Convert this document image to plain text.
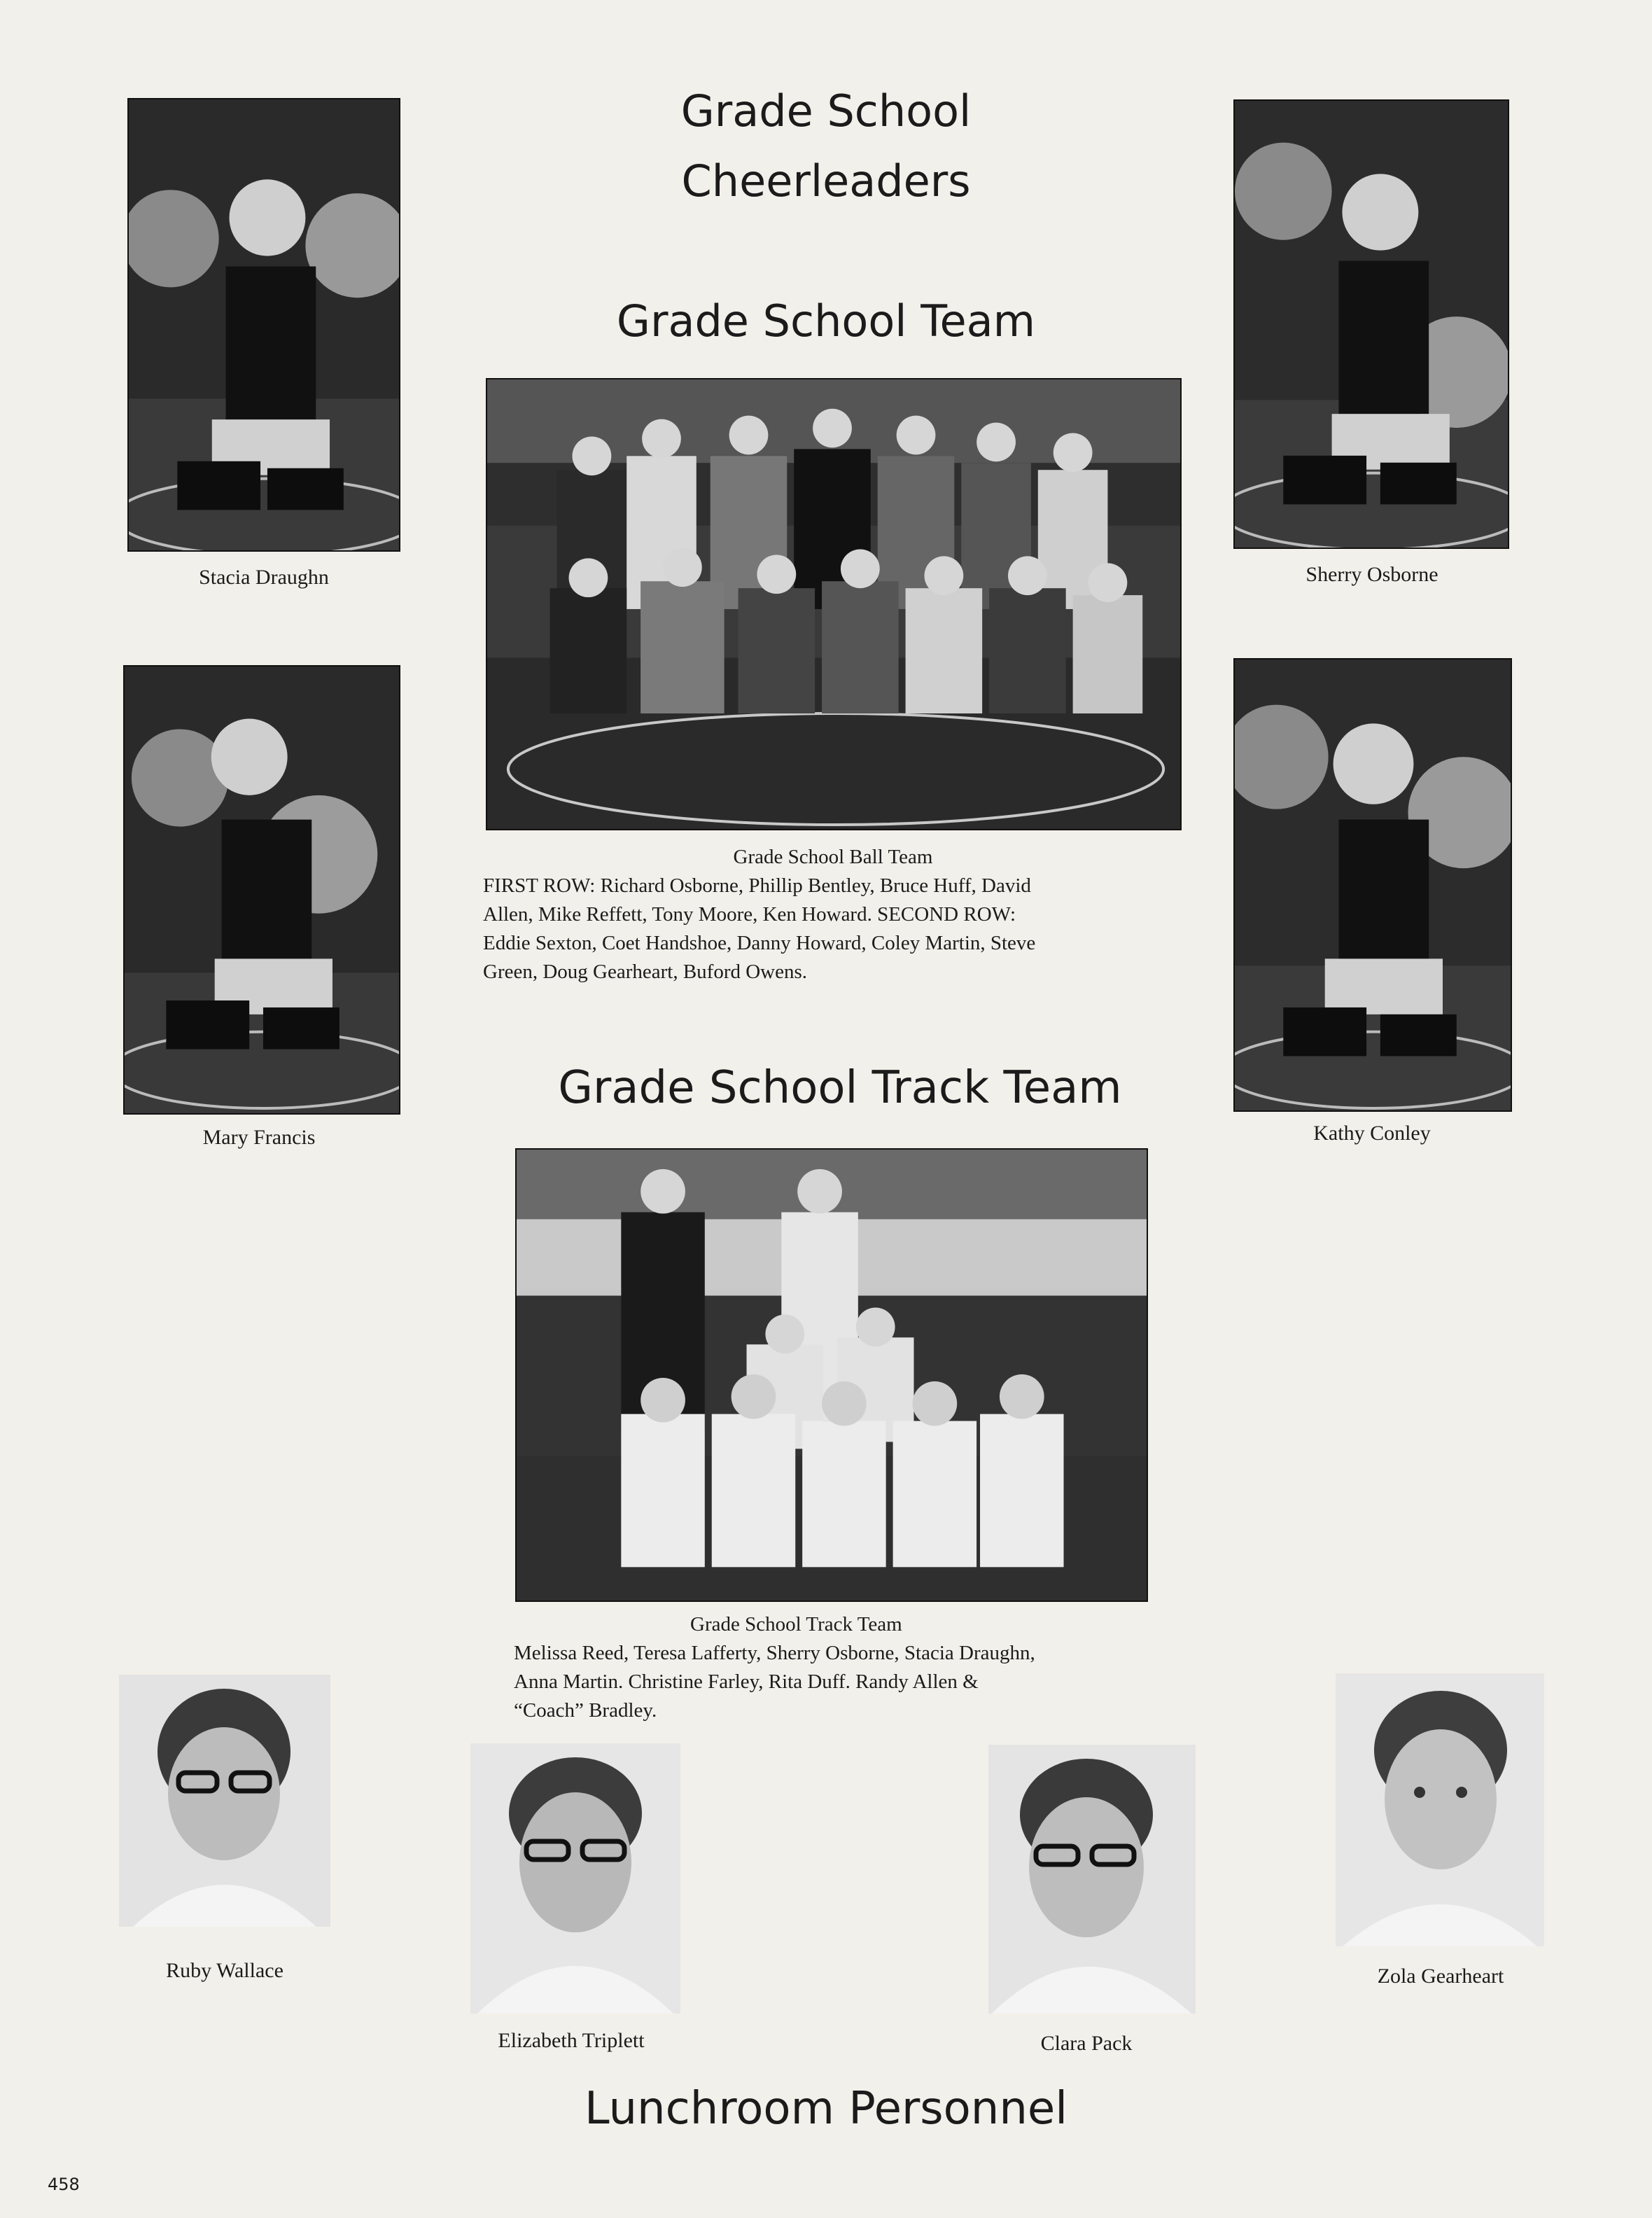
Grade School
Cheerleaders
Grade School Team
Grade School Track Team
Lunchroom Personnel
Stacia Draughn	Sherry Osborne
Mary Francis	Kathy Conley
Grade School Ball Team
FIRST ROW: Richard Osborne, Phillip Bentley, Bruce Huff, David
Allen, Mike Reffett, Tony Moore, Ken Howard. SECOND ROW:
Eddie Sexton, Coet Handshoe, Danny Howard, Coley Martin, Steve
Green, Doug Gearheart, Buford Owens.
Grade School Track Team
Melissa Reed, Teresa Lafferty, Sherry Osborne, Stacia Draughn,
Anna Martin. Christine Farley, Rita Duff. Randy Allen &
“Coach” Bradley.
Ruby Wallace
Elizabeth Triplett	Clara Pack
Zola Gearheart
458
